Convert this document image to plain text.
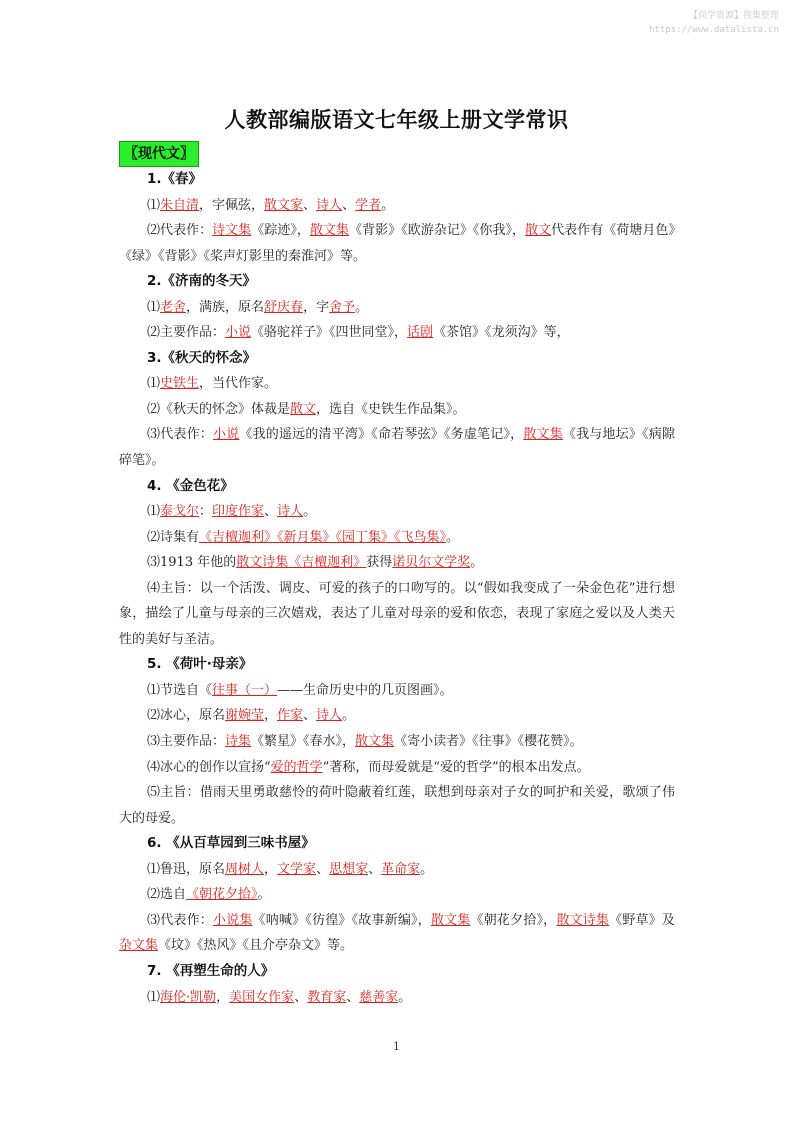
【尚学资源】搜集整理
https://www.datalista.cn
人教部编版语文七年级上册文学常识
〖现代文〗
1.《春》
⑴朱自清，字佩弦，散文家、诗人、学者。
⑵代表作：诗文集《踪迹》，散文集《背影》《欧游杂记》《你我》，散文代表作有《荷塘月色》《绿》《背影》《桨声灯影里的秦淮河》等。
2.《济南的冬天》
⑴老舍，满族，原名舒庆春，字舍予。
⑵主要作品：小说《骆驼祥子》《四世同堂》，话剧《茶馆》《龙须沟》等，
3.《秋天的怀念》
⑴史铁生，当代作家。
⑵《秋天的怀念》体裁是散文，选自《史铁生作品集》。
⑶代表作：小说《我的遥远的清平湾》《命若琴弦》《务虚笔记》，散文集《我与地坛》《病隙碎笔》。
4. 《金色花》
⑴泰戈尔：印度作家、诗人。
⑵诗集有《吉檀迦利》《新月集》《园丁集》《飞鸟集》。
⑶1913 年他的散文诗集《吉檀迦利》获得诺贝尔文学奖。
⑷主旨：以一个活泼、调皮、可爱的孩子的口吻写的。以“假如我变成了一朵金色花”进行想象，描绘了儿童与母亲的三次嬉戏，表达了儿童对母亲的爱和依恋，表现了家庭之爱以及人类天性的美好与圣洁。
5. 《荷叶·母亲》
⑴节选自《往事（一）——生命历史中的几页图画》。
⑵冰心，原名谢婉莹，作家、诗人。
⑶主要作品：诗集《繁星》《春水》，散文集《寄小读者》《往事》《樱花赞》。
⑷冰心的创作以宣扬“爱的哲学”著称，而母爱就是“爱的哲学”的根本出发点。
⑸主旨：借雨天里勇敢慈怜的荷叶隐蔽着红莲，联想到母亲对子女的呵护和关爱，歌颂了伟大的母爱。
6. 《从百草园到三味书屋》
⑴鲁迅，原名周树人，文学家、思想家、革命家。
⑵选自《朝花夕拾》。
⑶代表作：小说集《呐喊》《彷徨》《故事新编》，散文集《朝花夕拾》，散文诗集《野草》及杂文集《坟》《热风》《且介亭杂文》等。
7. 《再塑生命的人》
⑴海伦·凯勒，美国女作家、教育家、慈善家。
1
